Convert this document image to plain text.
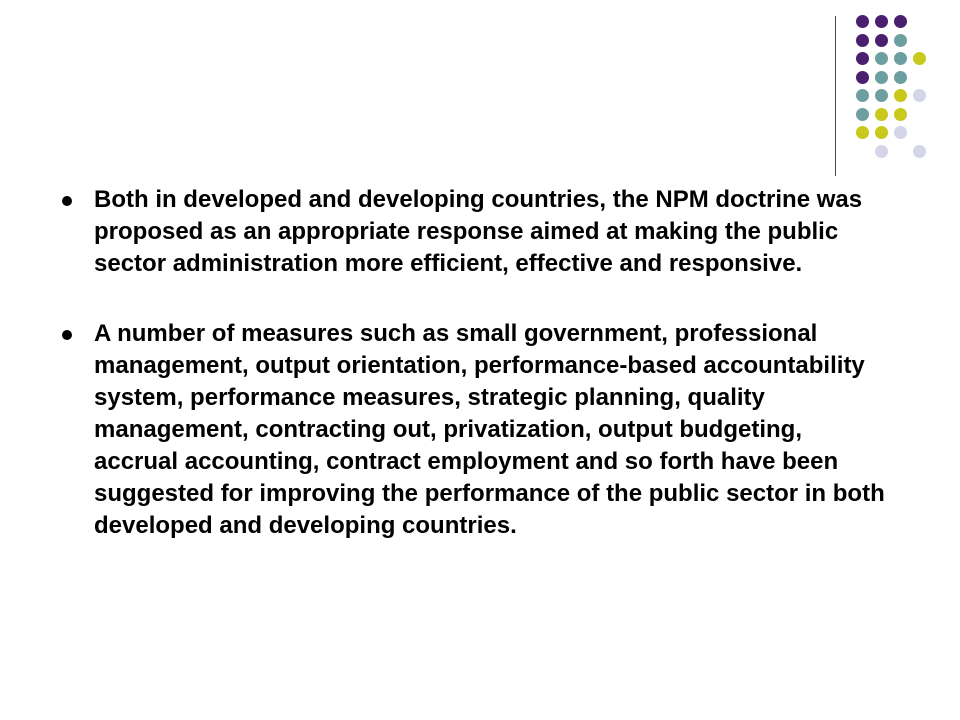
Both in developed and developing countries, the NPM doctrine was proposed as an appropriate response aimed at making the public sector administration more efficient, effective and responsive.
A number of measures such as small government, professional management, output orientation, performance-based accountability system, performance measures, strategic planning, quality management, contracting out, privatization, output budgeting, accrual accounting, contract employment and so forth have been suggested for improving the performance of the public sector in both developed and developing countries.
